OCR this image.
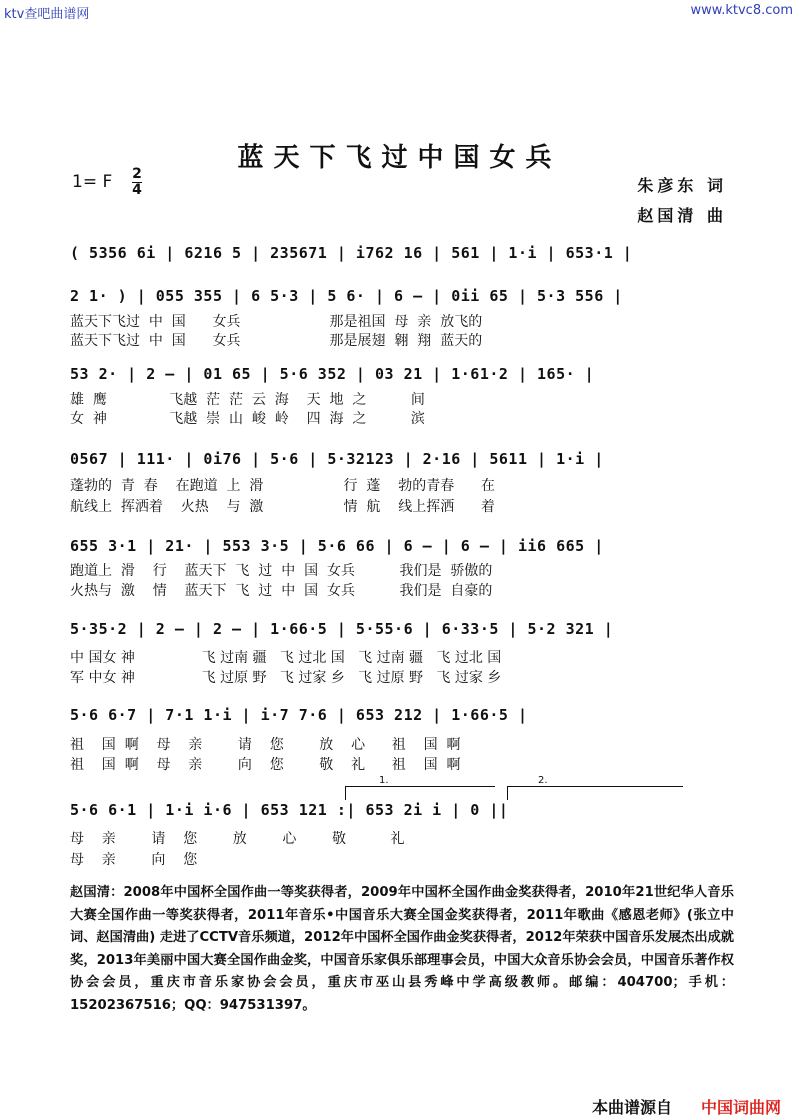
ktv查吧曲谱网	www.ktvc8.com
蓝天下飞过中国女兵
1= F 2
4	朱彦东 词
赵国清 曲
( 5356 6i | 6216 5 | 235671 | i762 16 | 561 | 1·i | 653·1 |
2 1· ) | 055 355 | 6 5·3 | 5 6· | 6 – | 0ii 65 | 5·3 556 |
蓝天下飞过  中  国      女兵                    那是祖国  母  亲  放飞的
蓝天下飞过  中  国      女兵                    那是展翅  翱  翔  蓝天的
53 2· | 2 – | 01 65 | 5·6 352 | 03 21 | 1·61·2 | 165· |
雄  鹰              飞越  茫  茫  云  海    天  地  之          间
女  神              飞越  崇  山  峻  岭    四  海  之          滨
0567 | 111· | 0i76 | 5·6 | 5·32123 | 2·16 | 5611 | 1·i |
蓬勃的  青  春    在跑道  上  滑                  行  蓬    勃的青春      在
航线上  挥洒着    火热    与  激                  情  航    线上挥洒      着
655 3·1 | 21· | 553 3·5 | 5·6 66 | 6 – | 6 – | ii6 665 |
跑道上  滑    行    蓝天下  飞  过  中  国  女兵          我们是  骄傲的
火热与  激    情    蓝天下  飞  过  中  国  女兵          我们是  自豪的
5·35·2 | 2 – | 2 – | 1·66·5 | 5·55·6 | 6·33·5 | 5·2 321 |
中 国女 神               飞 过南 疆   飞 过北 国   飞 过南 疆   飞 过北 国
军 中女 神               飞 过原 野   飞 过家 乡   飞 过原 野   飞 过家 乡
5·6 6·7 | 7·1 1·i | i·7 7·6 | 653 212 | 1·66·5 |
祖    国  啊    母    亲        请    您        放    心      祖    国  啊
祖    国  啊    母    亲        向    您        敬    礼      祖    国  啊
1.	2.
5·6 6·1 | 1·i i·6 | 653 121 :| 653 2i i | 0 ||
母    亲        请    您        放        心        敬          礼
母    亲        向    您
赵国清：2008年中国杯全国作曲一等奖获得者，2009年中国杯全国作曲金奖获得者，2010年21世纪华人音乐大赛全国作曲一等奖获得者，2011年音乐•中国音乐大赛全国金奖获得者，2011年歌曲《感恩老师》(张立中词、赵国清曲) 走进了CCTV音乐频道，2012年中国杯全国作曲金奖获得者，2012年荣获中国音乐发展杰出成就奖，2013年美丽中国大赛全国作曲金奖，中国音乐家俱乐部理事会员，中国大众音乐协会会员，中国音乐著作权协会会员，重庆市音乐家协会会员，重庆市巫山县秀峰中学高级教师。邮编：404700；手机：15202367516；QQ：947531397。
本曲谱源自 中国词曲网
